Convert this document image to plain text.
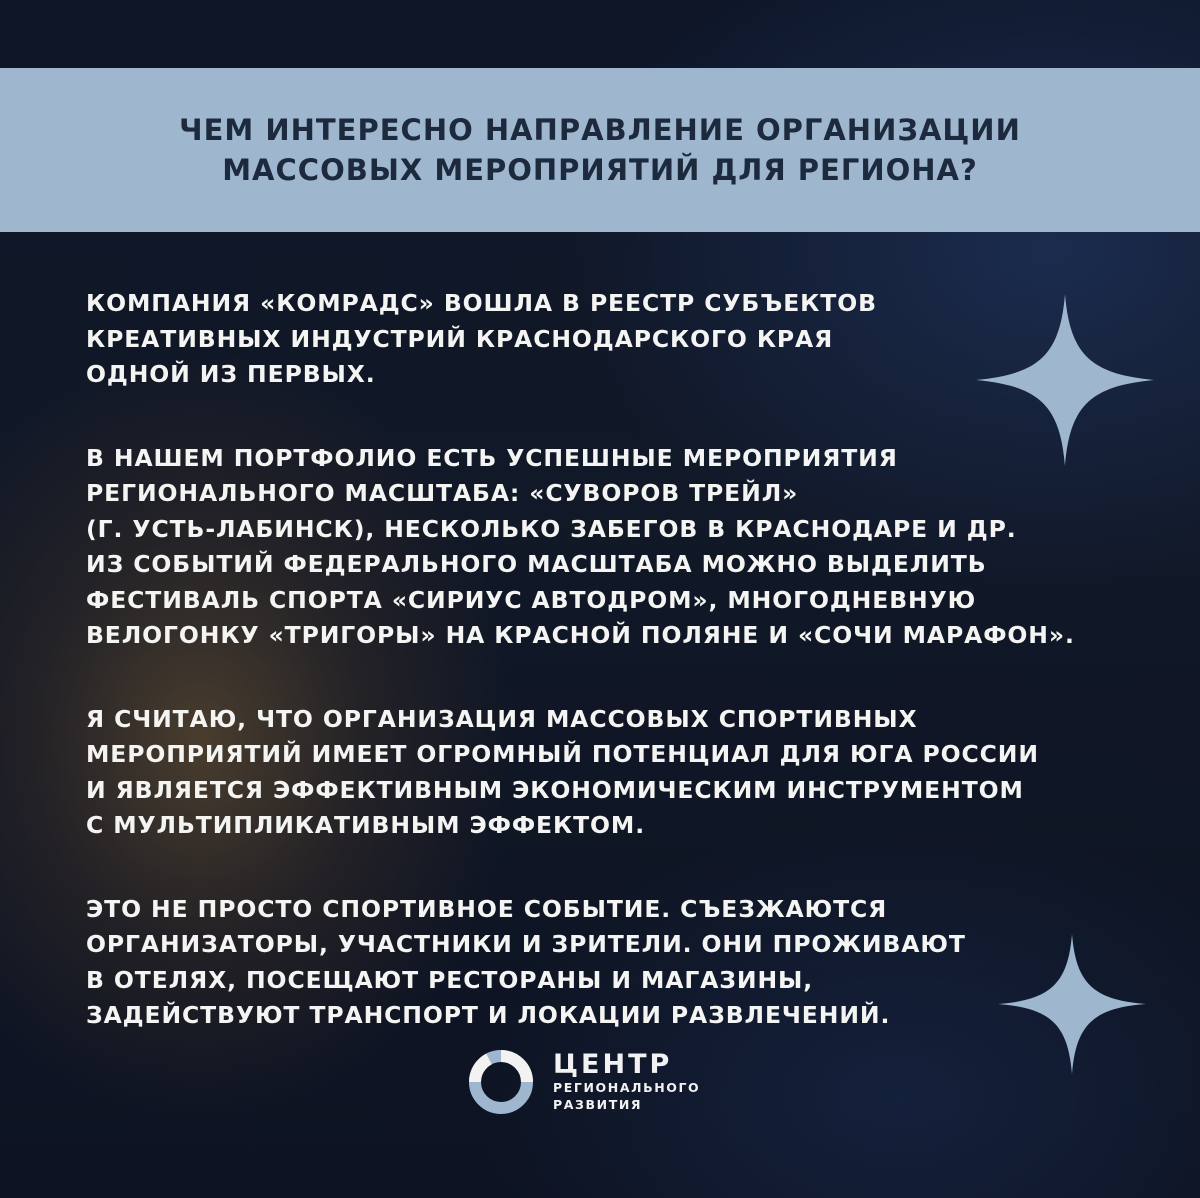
ЧЕМ ИНТЕРЕСНО НАПРАВЛЕНИЕ ОРГАНИЗАЦИИ
МАССОВЫХ МЕРОПРИЯТИЙ ДЛЯ РЕГИОНА?

КОМПАНИЯ «КОМРАДС» ВОШЛА В РЕЕСТР СУБЪЕКТОВ
КРЕАТИВНЫХ ИНДУСТРИЙ КРАСНОДАРСКОГО КРАЯ
ОДНОЙ ИЗ ПЕРВЫХ.

В НАШЕМ ПОРТФОЛИО ЕСТЬ УСПЕШНЫЕ МЕРОПРИЯТИЯ
РЕГИОНАЛЬНОГО МАСШТАБА: «СУВОРОВ ТРЕЙЛ»
(Г. УСТЬ-ЛАБИНСК), НЕСКОЛЬКО ЗАБЕГОВ В КРАСНОДАРЕ И ДР.
ИЗ СОБЫТИЙ ФЕДЕРАЛЬНОГО МАСШТАБА МОЖНО ВЫДЕЛИТЬ
ФЕСТИВАЛЬ СПОРТА «СИРИУС АВТОДРОМ», МНОГОДНЕВНУЮ
ВЕЛОГОНКУ «ТРИГОРЫ» НА КРАСНОЙ ПОЛЯНЕ И «СОЧИ МАРАФОН».

Я СЧИТАЮ, ЧТО ОРГАНИЗАЦИЯ МАССОВЫХ СПОРТИВНЫХ
МЕРОПРИЯТИЙ ИМЕЕТ ОГРОМНЫЙ ПОТЕНЦИАЛ ДЛЯ ЮГА РОССИИ
И ЯВЛЯЕТСЯ ЭФФЕКТИВНЫМ ЭКОНОМИЧЕСКИМ ИНСТРУМЕНТОМ
С МУЛЬТИПЛИКАТИВНЫМ ЭФФЕКТОМ.

ЭТО НЕ ПРОСТО СПОРТИВНОЕ СОБЫТИЕ. СЪЕЗЖАЮТСЯ
ОРГАНИЗАТОРЫ, УЧАСТНИКИ И ЗРИТЕЛИ. ОНИ ПРОЖИВАЮТ
В ОТЕЛЯХ, ПОСЕЩАЮТ РЕСТОРАНЫ И МАГАЗИНЫ,
ЗАДЕЙСТВУЮТ ТРАНСПОРТ И ЛОКАЦИИ РАЗВЛЕЧЕНИЙ.

ЦЕНТР
РЕГИОНАЛЬНОГО
РАЗВИТИЯ
